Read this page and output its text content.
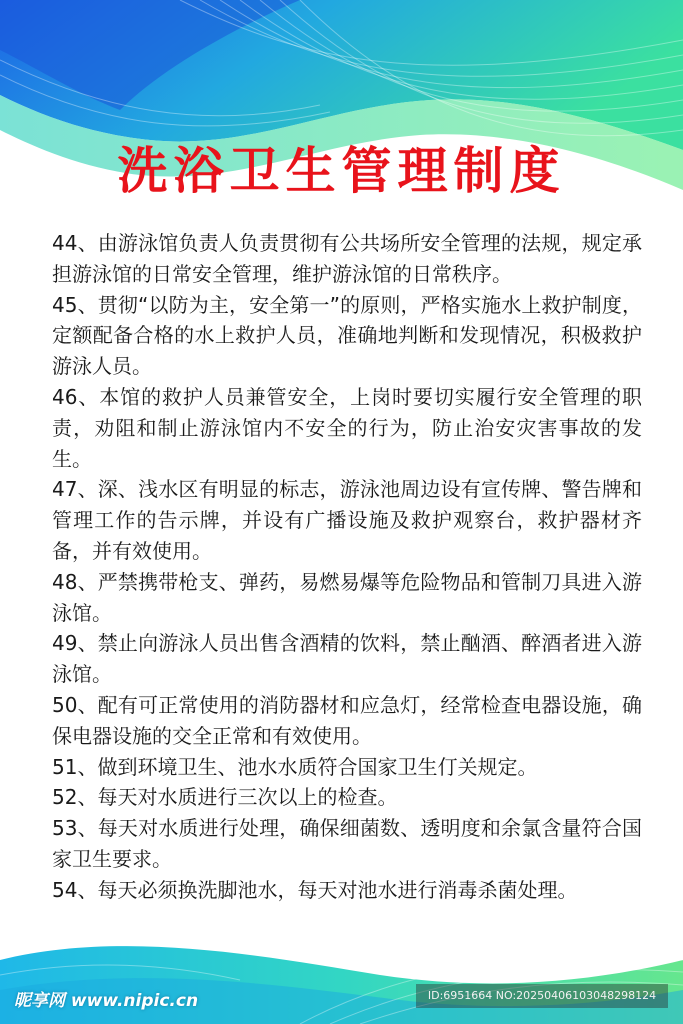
洗浴卫生管理制度
44、由游泳馆负责人负责贯彻有公共场所安全管理的法规，规定承担游泳馆的日常安全管理，维护游泳馆的日常秩序。
45、贯彻“以防为主，安全第一”的原则，严格实施水上救护制度，定额配备合格的水上救护人员，准确地判断和发现情况，积极救护游泳人员。
46、本馆的救护人员兼管安全，上岗时要切实履行安全管理的职责，劝阻和制止游泳馆内不安全的行为，防止治安灾害事故的发生。
47、深、浅水区有明显的标志，游泳池周边设有宣传牌、警告牌和管理工作的告示牌，并设有广播设施及救护观察台，救护器材齐备，并有效使用。
48、严禁携带枪支、弹药，易燃易爆等危险物品和管制刀具进入游泳馆。
49、禁止向游泳人员出售含酒精的饮料，禁止酗酒、醉酒者进入游泳馆。
50、配有可正常使用的消防器材和应急灯，经常检查电器设施，确保电器设施的交全正常和有效使用。
51、做到环境卫生、池水水质符合国家卫生仃关规定。
52、每天对水质进行三次以上的检查。
53、每天对水质进行处理，确保细菌数、透明度和余氯含量符合国家卫生要求。
54、每天必须换洗脚池水，每天对池水进行消毒杀菌处理。
昵享网 www.nipic.cn	ID:6951664 NO:20250406103048298124
